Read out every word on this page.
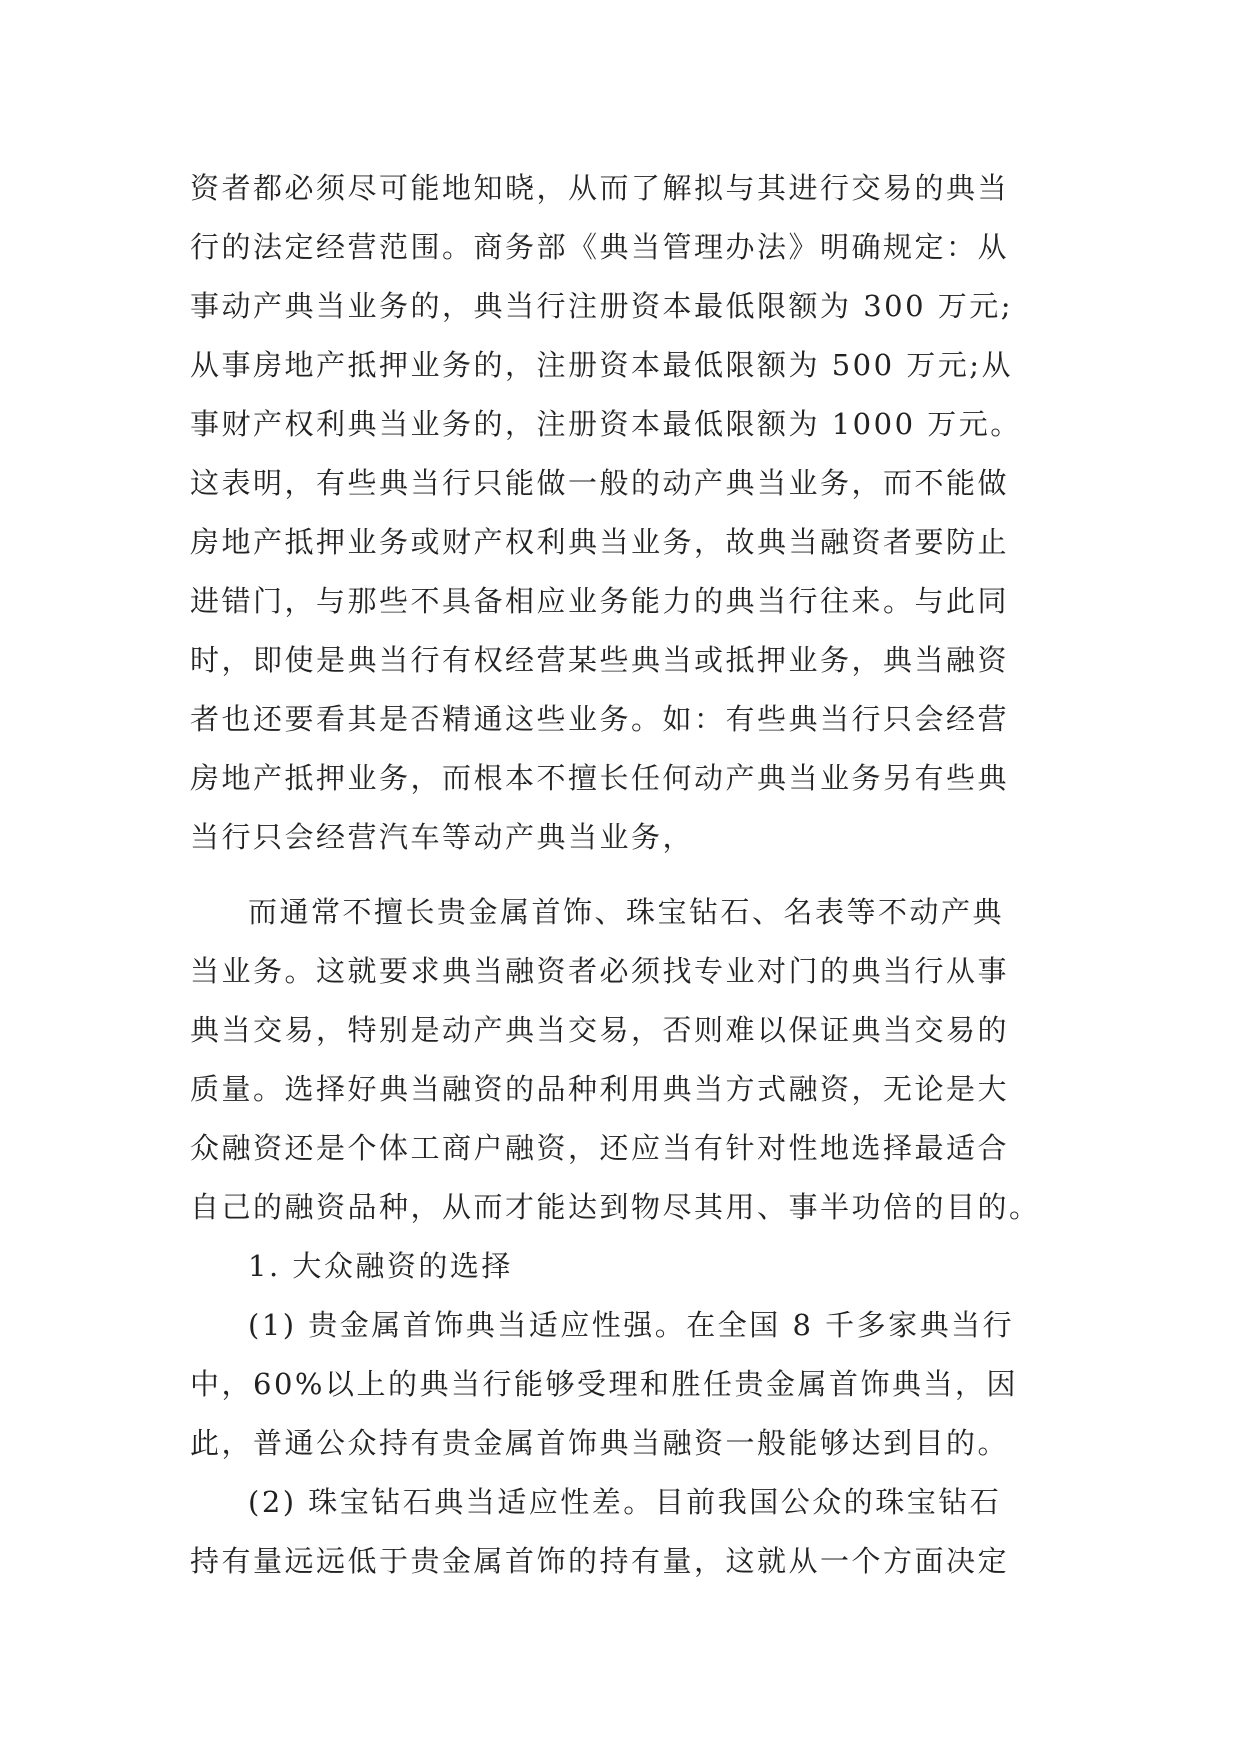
资者都必须尽可能地知晓，从而了解拟与其进行交易的典当
行的法定经营范围。商务部《典当管理办法》明确规定：从
事动产典当业务的，典当行注册资本最低限额为 300 万元;
从事房地产抵押业务的，注册资本最低限额为 500 万元;从
事财产权利典当业务的，注册资本最低限额为 1000 万元。
这表明，有些典当行只能做一般的动产典当业务，而不能做
房地产抵押业务或财产权利典当业务，故典当融资者要防止
进错门，与那些不具备相应业务能力的典当行往来。与此同
时，即使是典当行有权经营某些典当或抵押业务，典当融资
者也还要看其是否精通这些业务。如：有些典当行只会经营
房地产抵押业务，而根本不擅长任何动产典当业务另有些典
当行只会经营汽车等动产典当业务，
而通常不擅长贵金属首饰、珠宝钻石、名表等不动产典
当业务。这就要求典当融资者必须找专业对门的典当行从事
典当交易，特别是动产典当交易，否则难以保证典当交易的
质量。选择好典当融资的品种利用典当方式融资，无论是大
众融资还是个体工商户融资，还应当有针对性地选择最适合
自己的融资品种，从而才能达到物尽其用、事半功倍的目的。
1. 大众融资的选择
(1) 贵金属首饰典当适应性强。在全国 8 千多家典当行
中，60%以上的典当行能够受理和胜任贵金属首饰典当，因
此，普通公众持有贵金属首饰典当融资一般能够达到目的。
(2) 珠宝钻石典当适应性差。目前我国公众的珠宝钻石
持有量远远低于贵金属首饰的持有量，这就从一个方面决定
